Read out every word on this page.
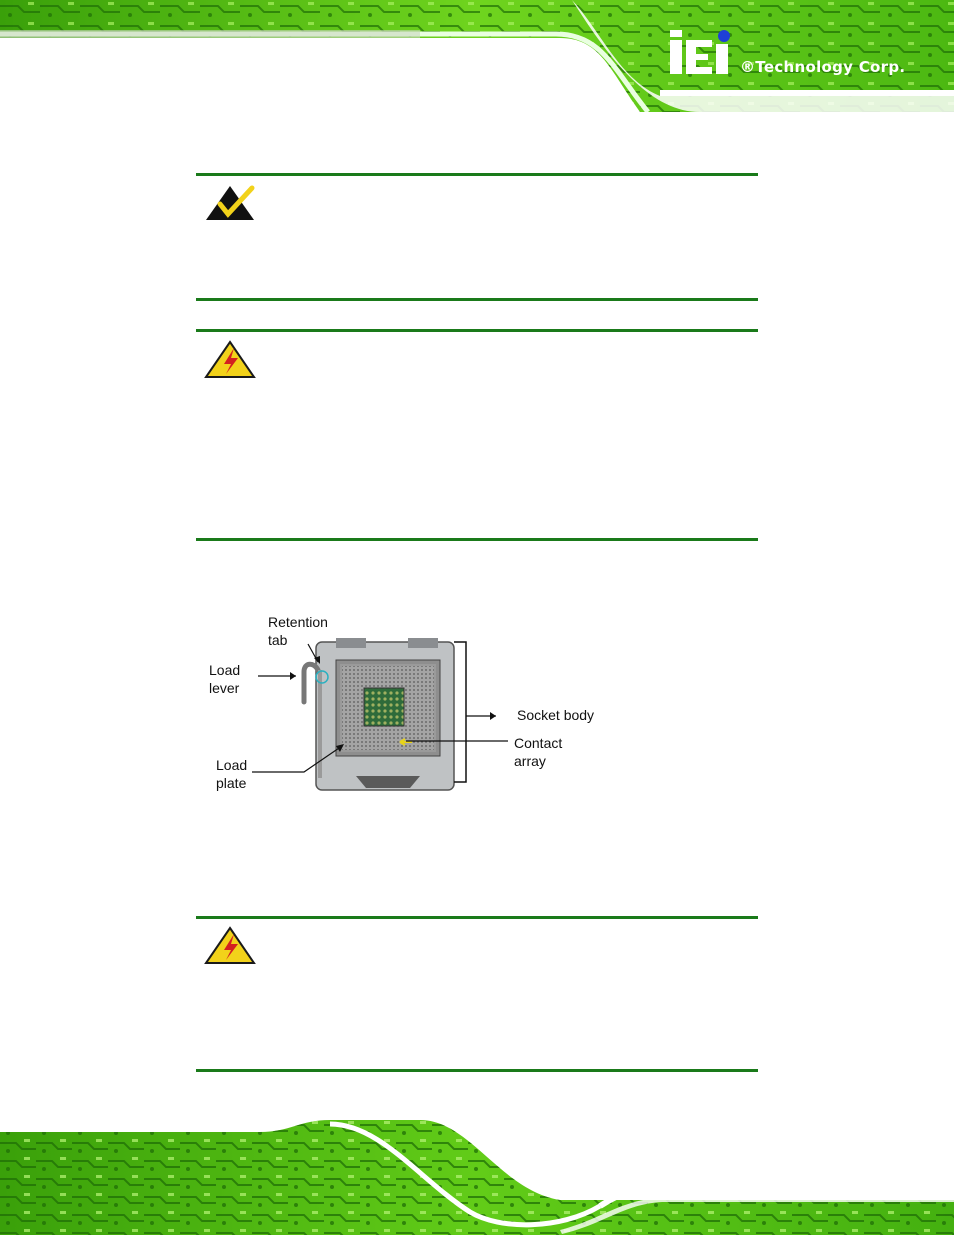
®Technology Corp.
Retention
tab
Load
lever
Socket body
Contact
array
Load
plate
